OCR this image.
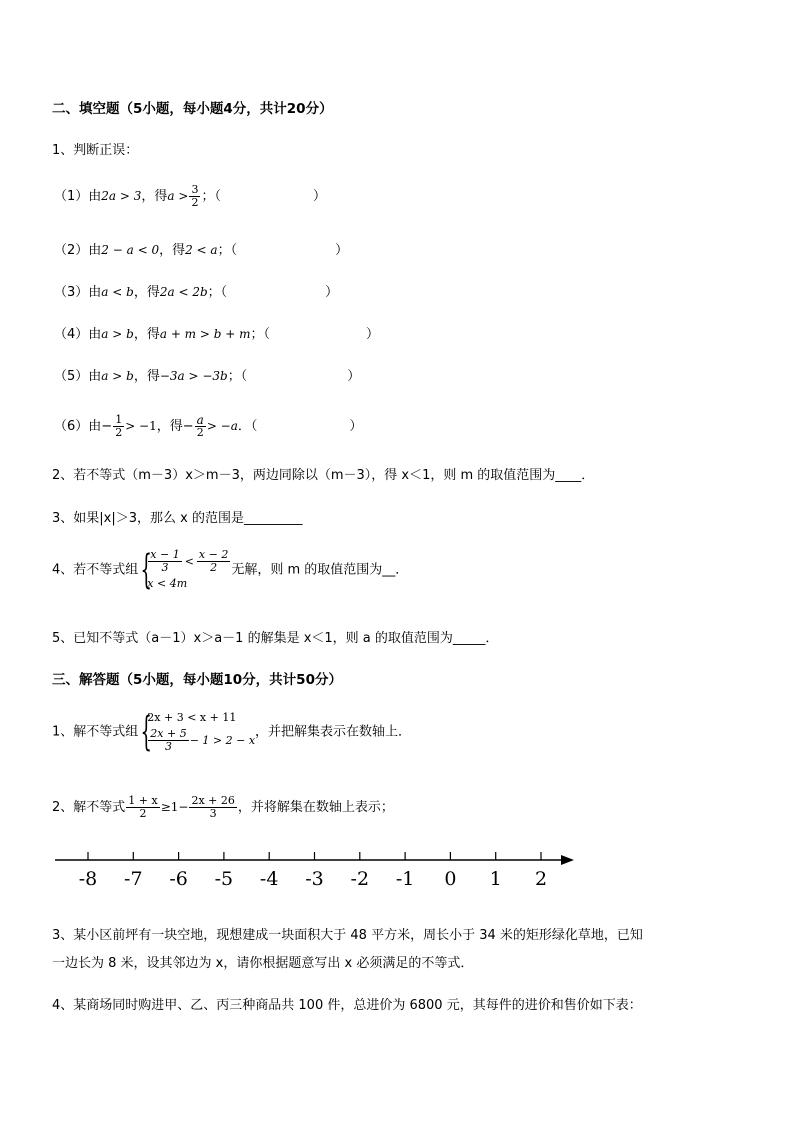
二、填空题（5小题，每小题4分，共计20分）
1、判断正误：
（1）由2a > 3，得$a > \frac{3}{2}$ ；（	）
（2）由2 − a < 0，得2 < a；（	）
（3）由a < b，得2a < 2b；（	）
（4）由a > b，得a + m > b + m；（	）
（5）由a > b，得−3a > −3b；（	）
（6）由− $\frac{1}{2} > -1$，得− $\frac{a}{2} > -a$．（	）
2、若不等式（m－3）x＞m－3，两边同除以（m－3），得 x＜1，则 m 的取值范围为____．
3、如果|x|＞3，那么 x 的范围是_________
4、若不等式组 {
$\frac{x - 1}{3} < \frac{x - 2}{2}$
x < 4m
无解，则 m 的取值范围为__．
5、已知不等式（a－1）x＞a－1 的解集是 x＜1，则 a 的取值范围为_____．
三、解答题（5小题，每小题10分，共计50分）
1、解不等式组 {
2x + 3 < x + 11
$\frac{2x + 5}{3} - 1 > 2 - x$
，并把解集表示在数轴上．
2、解不等式 $\frac{1 + x}{2} \ge 1- \frac{2x + 26}{3}$ ，并将解集在数轴上表示；
-8 -7 -6 -5 -4 -3 -2 -1 0 1 2
3、某小区前坪有一块空地，现想建成一块面积大于 48 平方米，周长小于 34 米的矩形绿化草地，已知
一边长为 8 米，设其邻边为 x，请你根据题意写出 x 必须满足的不等式．
4、某商场同时购进甲、乙、丙三种商品共 100 件，总进价为 6800 元，其每件的进价和售价如下表：
